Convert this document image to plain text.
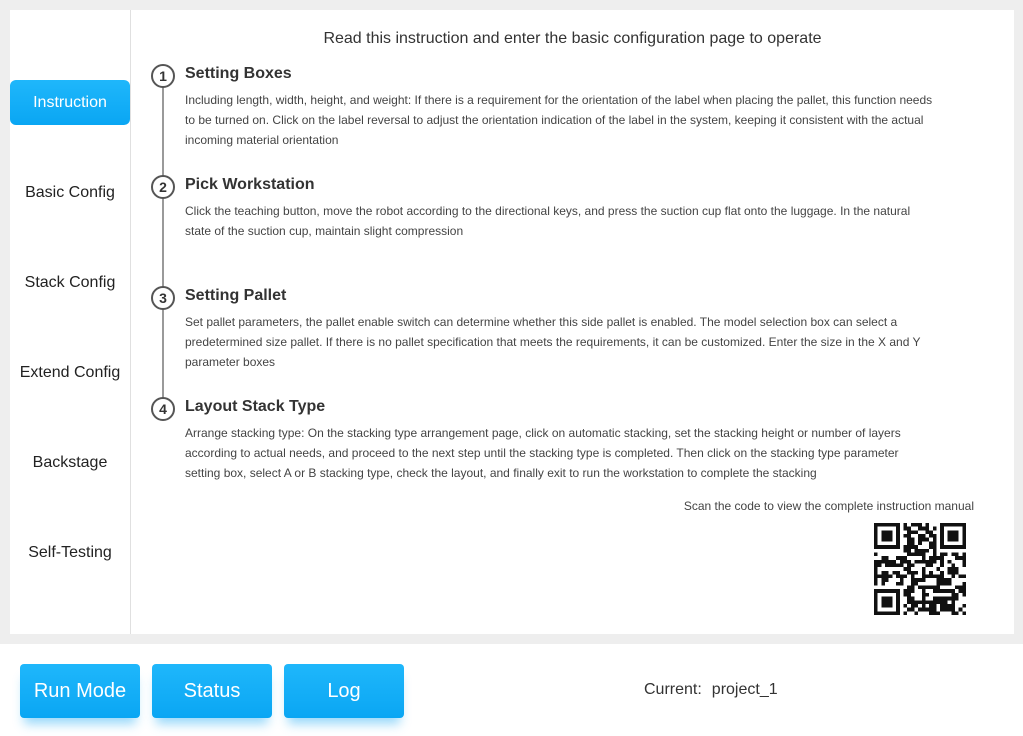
Instruction
Basic Config
Stack Config
Extend Config
Backstage
Self-Testing
Read this instruction and enter the basic configuration page to operate
1	Setting Boxes
Including length, width, height, and weight: If there is a requirement for the orientation of the label when placing the pallet, this function needs to be turned on. Click on the label reversal to adjust the orientation indication of the label in the system, keeping it consistent with the actual incoming material orientation
2	Pick Workstation
Click the teaching button, move the robot according to the directional keys, and press the suction cup flat onto the luggage. In the natural state of the suction cup, maintain slight compression
3	Setting Pallet
Set pallet parameters, the pallet enable switch can determine whether this side pallet is enabled. The model selection box can select a predetermined size pallet. If there is no pallet specification that meets the requirements, it can be customized. Enter the size in the X and Y parameter boxes
4	Layout Stack Type
Arrange stacking type: On the stacking type arrangement page, click on automatic stacking, set the stacking height or number of layers according to actual needs, and proceed to the next step until the stacking type is completed. Then click on the stacking type parameter setting box, select A or B stacking type, check the layout, and finally exit to run the workstation to complete the stacking
Scan the code to view the complete instruction manual
Run Mode	Status	Log	Current: project_1
